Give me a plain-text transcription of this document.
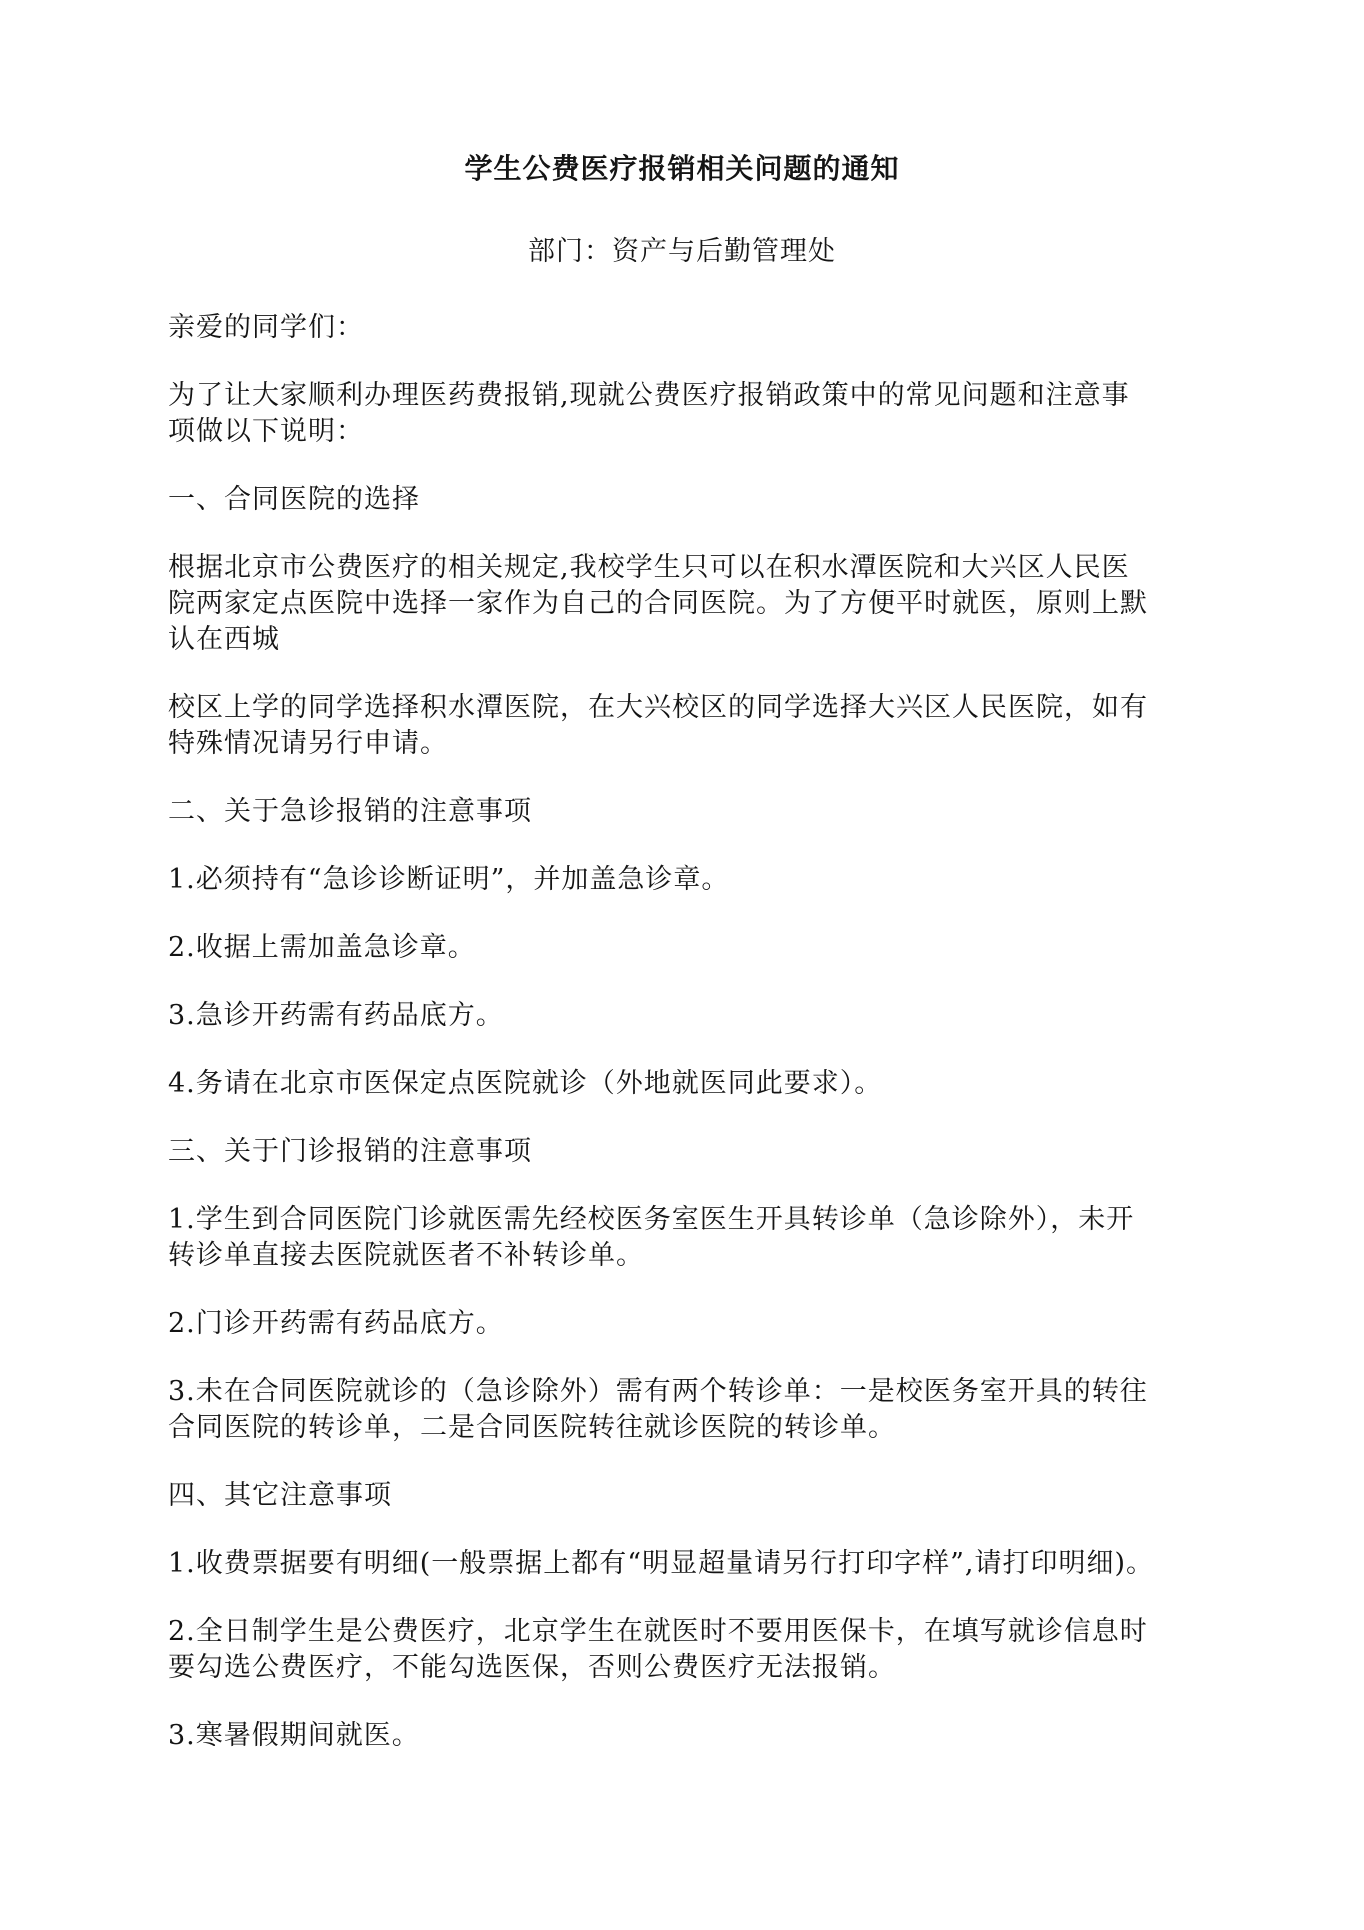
学生公费医疗报销相关问题的通知
部门：资产与后勤管理处

亲爱的同学们：

为了让大家顺利办理医药费报销,现就公费医疗报销政策中的常见问题和注意事
项做以下说明：

一、合同医院的选择

根据北京市公费医疗的相关规定,我校学生只可以在积水潭医院和大兴区人民医
院两家定点医院中选择一家作为自己的合同医院。为了方便平时就医，原则上默
认在西城

校区上学的同学选择积水潭医院，在大兴校区的同学选择大兴区人民医院，如有
特殊情况请另行申请。

二、关于急诊报销的注意事项

1.必须持有“急诊诊断证明”，并加盖急诊章。

2.收据上需加盖急诊章。

3.急诊开药需有药品底方。

4.务请在北京市医保定点医院就诊（外地就医同此要求）。

三、关于门诊报销的注意事项

1.学生到合同医院门诊就医需先经校医务室医生开具转诊单（急诊除外），未开
转诊单直接去医院就医者不补转诊单。

2.门诊开药需有药品底方。

3.未在合同医院就诊的（急诊除外）需有两个转诊单：一是校医务室开具的转往
合同医院的转诊单，二是合同医院转往就诊医院的转诊单。

四、其它注意事项

1.收费票据要有明细(一般票据上都有“明显超量请另行打印字样”,请打印明细)。

2.全日制学生是公费医疗，北京学生在就医时不要用医保卡，在填写就诊信息时
要勾选公费医疗，不能勾选医保，否则公费医疗无法报销。

3.寒暑假期间就医。
